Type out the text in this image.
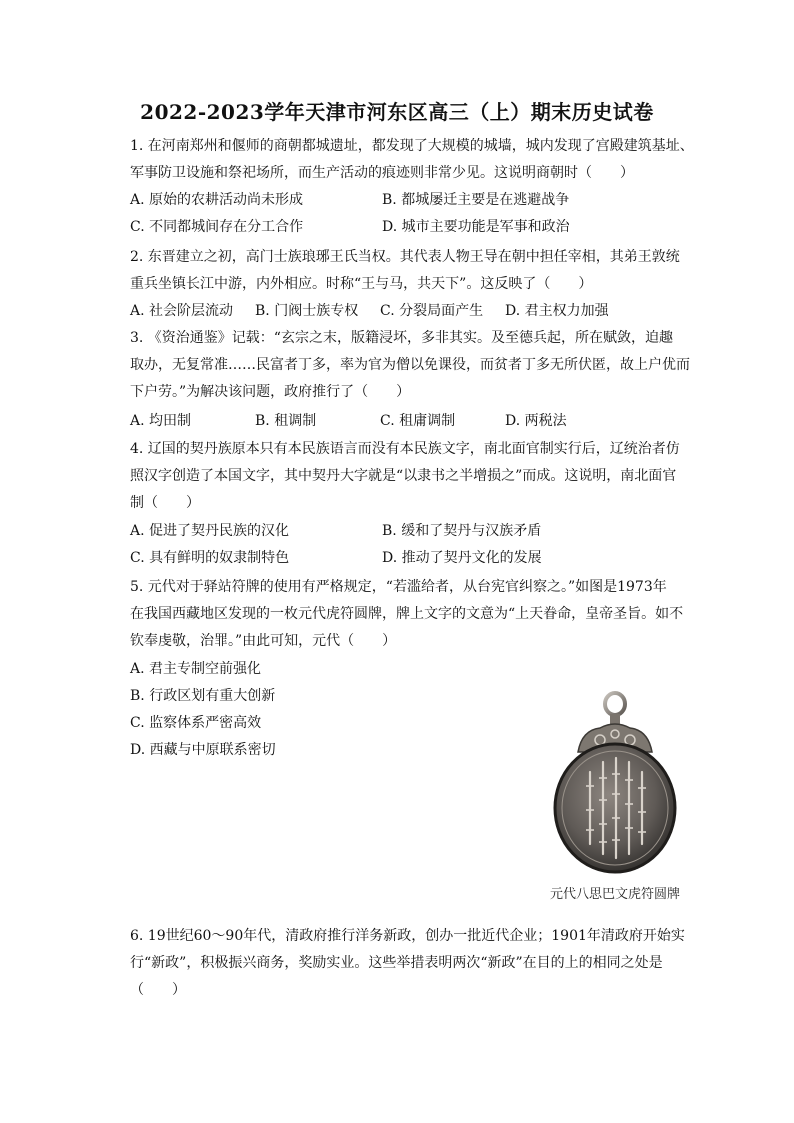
2022-2023学年天津市河东区高三（上）期末历史试卷

1. 在河南郑州和偃师的商朝都城遗址，都发现了大规模的城墙，城内发现了宫殿建筑基址、

军事防卫设施和祭祀场所，而生产活动的痕迹则非常少见。这说明商朝时（　　）

A. 原始的农耕活动尚未形成	B. 都城屡迁主要是在逃避战争
C. 不同都城间存在分工合作	D. 城市主要功能是军事和政治

2. 东晋建立之初，高门士族琅琊王氏当权。其代表人物王导在朝中担任宰相，其弟王敦统

重兵坐镇长江中游，内外相应。时称“王与马，共天下”。这反映了（　　）

A. 社会阶层流动	B. 门阀士族专权	C. 分裂局面产生	D. 君主权力加强

3. 《资治通鉴》记载：“玄宗之末，版籍浸坏，多非其实。及至德兵起，所在赋敛，迫趣

取办，无复常准……民富者丁多，率为官为僧以免课役，而贫者丁多无所伏匿，故上户优而

下户劳。”为解决该问题，政府推行了（　　）

A. 均田制	B. 租调制	C. 租庸调制	D. 两税法

4. 辽国的契丹族原本只有本民族语言而没有本民族文字，南北面官制实行后，辽统治者仿

照汉字创造了本国文字，其中契丹大字就是“以隶书之半增损之”而成。这说明，南北面官

制（　　）

A. 促进了契丹民族的汉化	B. 缓和了契丹与汉族矛盾
C. 具有鲜明的奴隶制特色	D. 推动了契丹文化的发展

5. 元代对于驿站符牌的使用有严格规定，“若滥给者，从台宪官纠察之。”如图是1973年

在我国西藏地区发现的一枚元代虎符圆牌，牌上文字的文意为“上天眷命，皇帝圣旨。如不

钦奉虔敬，治罪。”由此可知，元代（　　）

A. 君主专制空前强化
B. 行政区划有重大创新
C. 监察体系严密高效
D. 西藏与中原联系密切
元代八思巴文虎符圆牌

6. 19世纪60～90年代，清政府推行洋务新政，创办一批近代企业；1901年清政府开始实

行“新政”，积极振兴商务，奖励实业。这些举措表明两次“新政”在目的上的相同之处是

（　　）
